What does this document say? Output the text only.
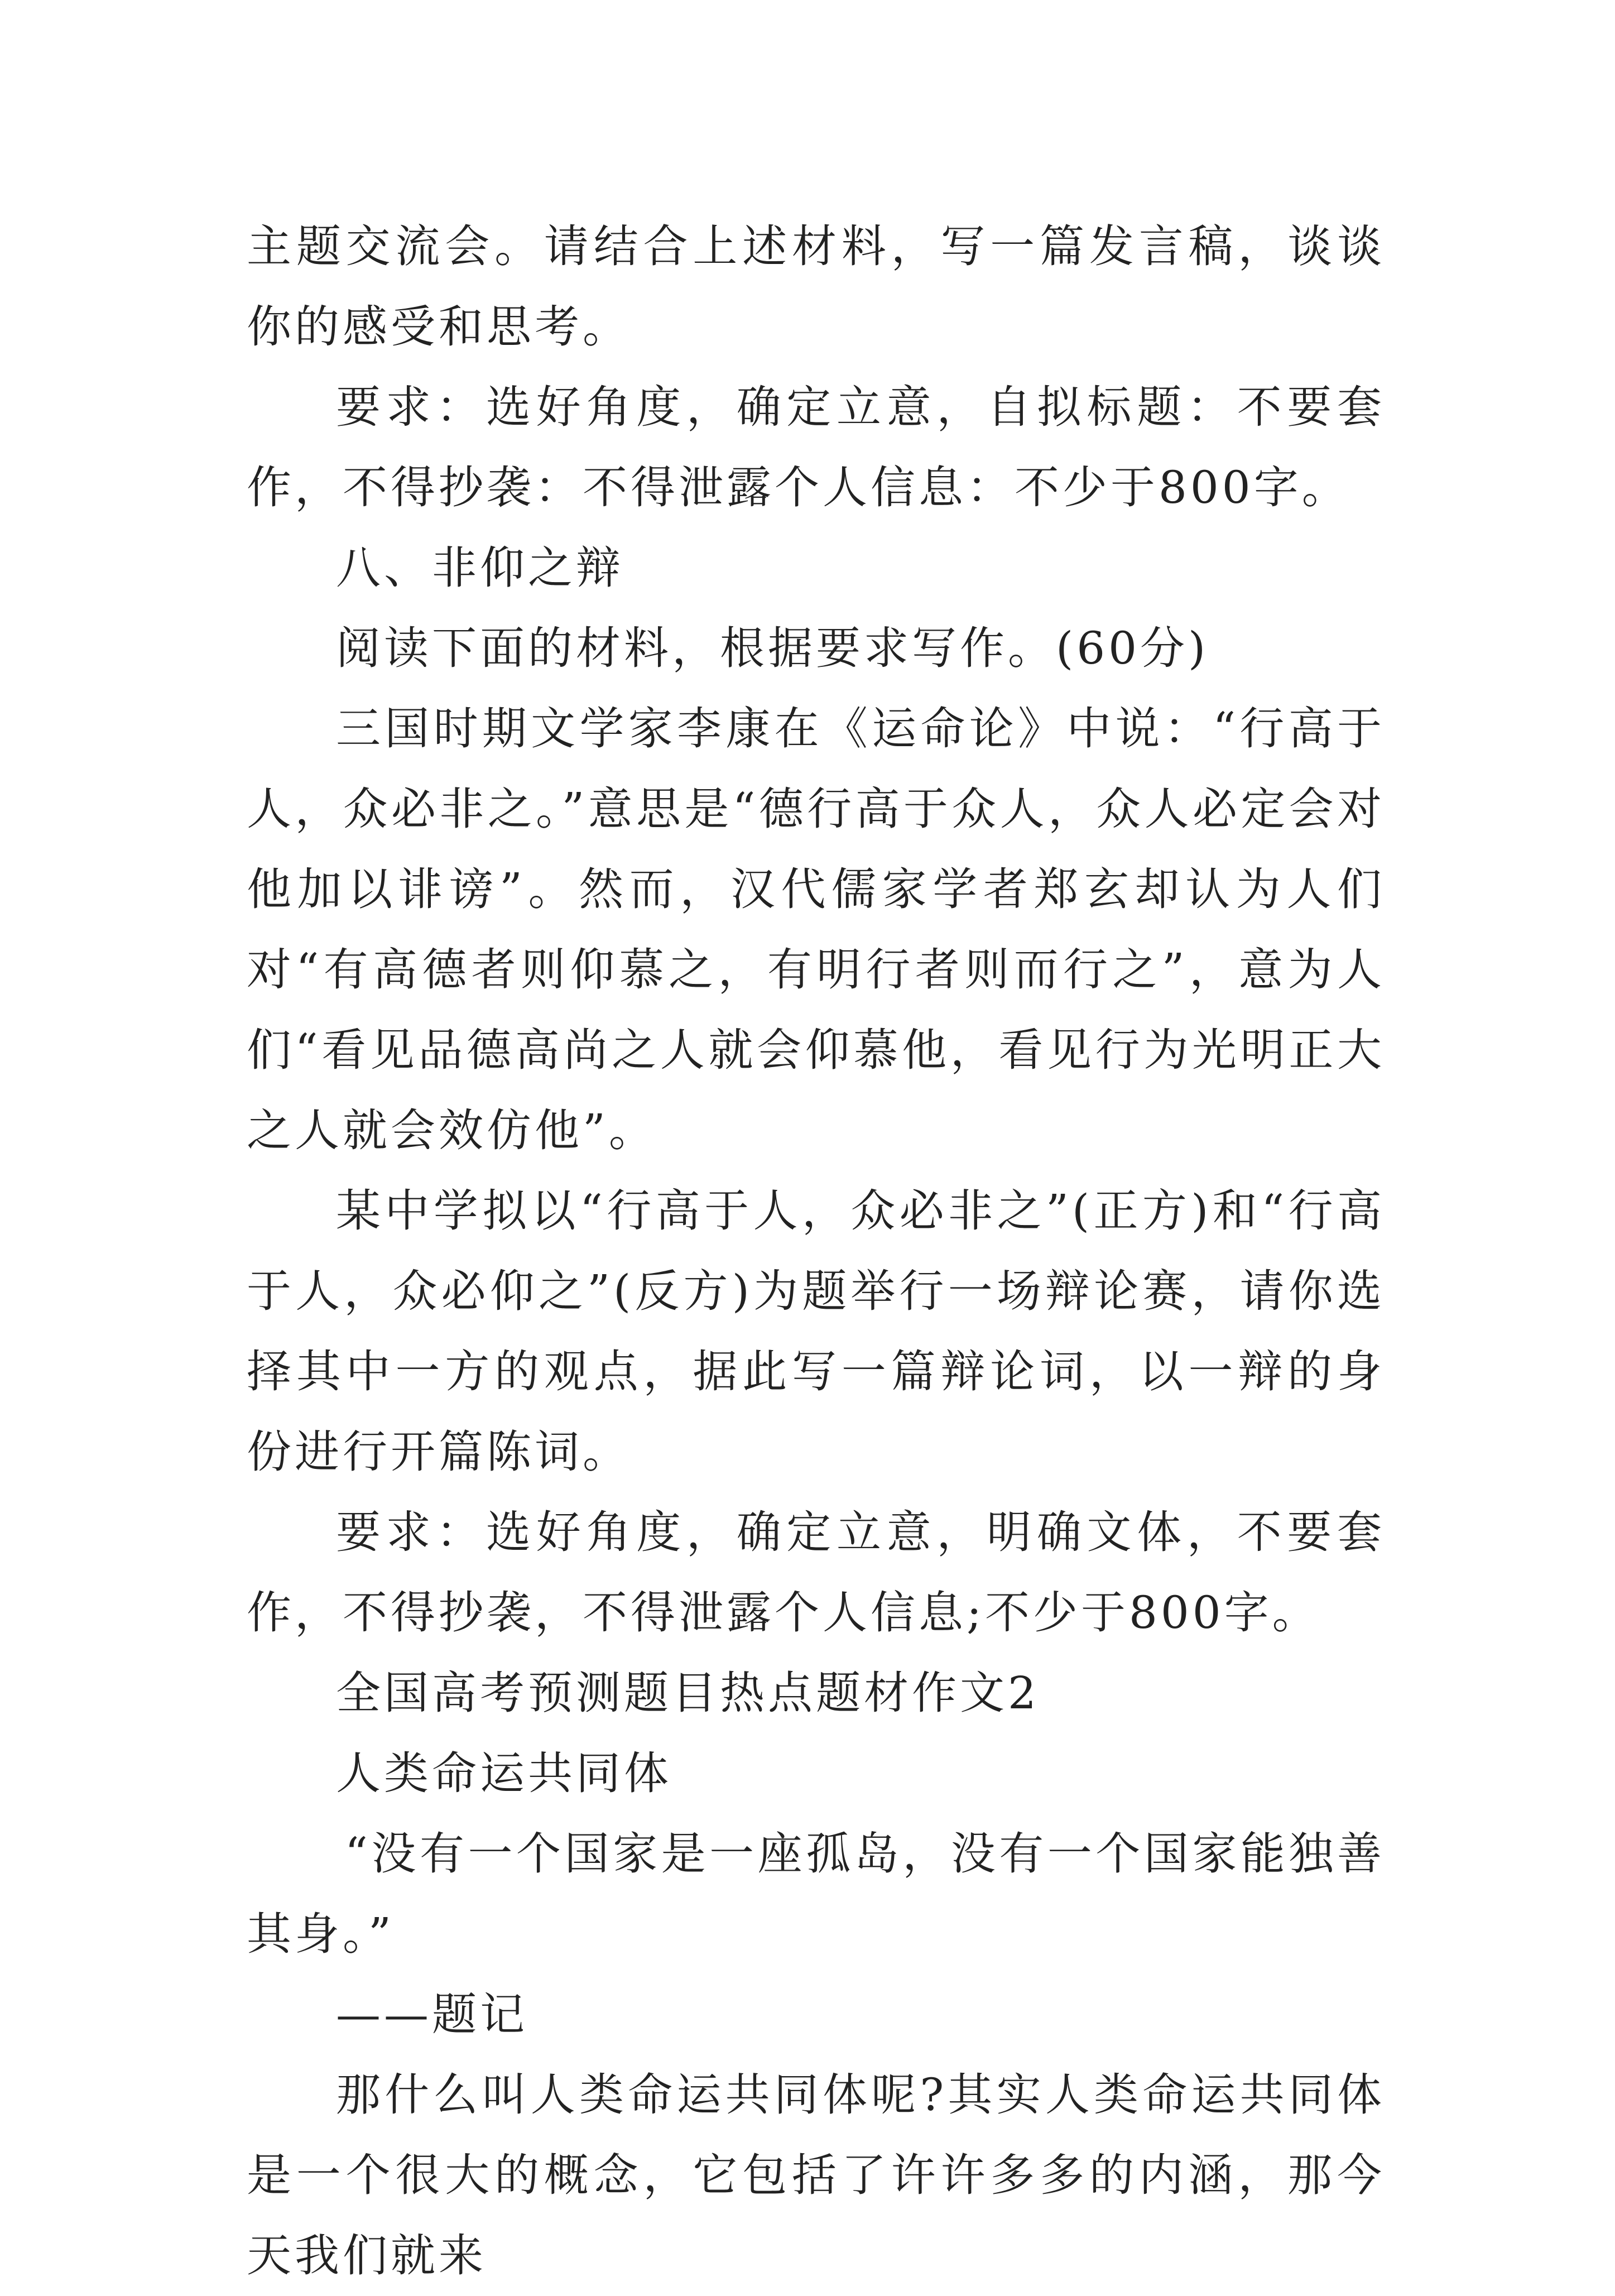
主题交流会。请结合上述材料，写一篇发言稿，谈谈你的感受和思考。

要求：选好角度，确定立意，自拟标题：不要套作，不得抄袭：不得泄露个人信息：不少于800字。

八、非仰之辩

阅读下面的材料，根据要求写作。(60分)

三国时期文学家李康在《运命论》中说：“行高于人，众必非之。”意思是“德行高于众人，众人必定会对他加以诽谤”。然而，汉代儒家学者郑玄却认为人们对“有高德者则仰慕之，有明行者则而行之”，意为人们“看见品德高尚之人就会仰慕他，看见行为光明正大之人就会效仿他”。

某中学拟以“行高于人，众必非之”(正方)和“行高于人，众必仰之”(反方)为题举行一场辩论赛，请你选择其中一方的观点，据此写一篇辩论词，以一辩的身份进行开篇陈词。

要求：选好角度，确定立意，明确文体，不要套作，不得抄袭，不得泄露个人信息;不少于800字。

全国高考预测题目热点题材作文2

人类命运共同体

“没有一个国家是一座孤岛，没有一个国家能独善其身。”

——题记

那什么叫人类命运共同体呢?其实人类命运共同体是一个很大的概念，它包括了许许多多的内涵，那今天我们就来
